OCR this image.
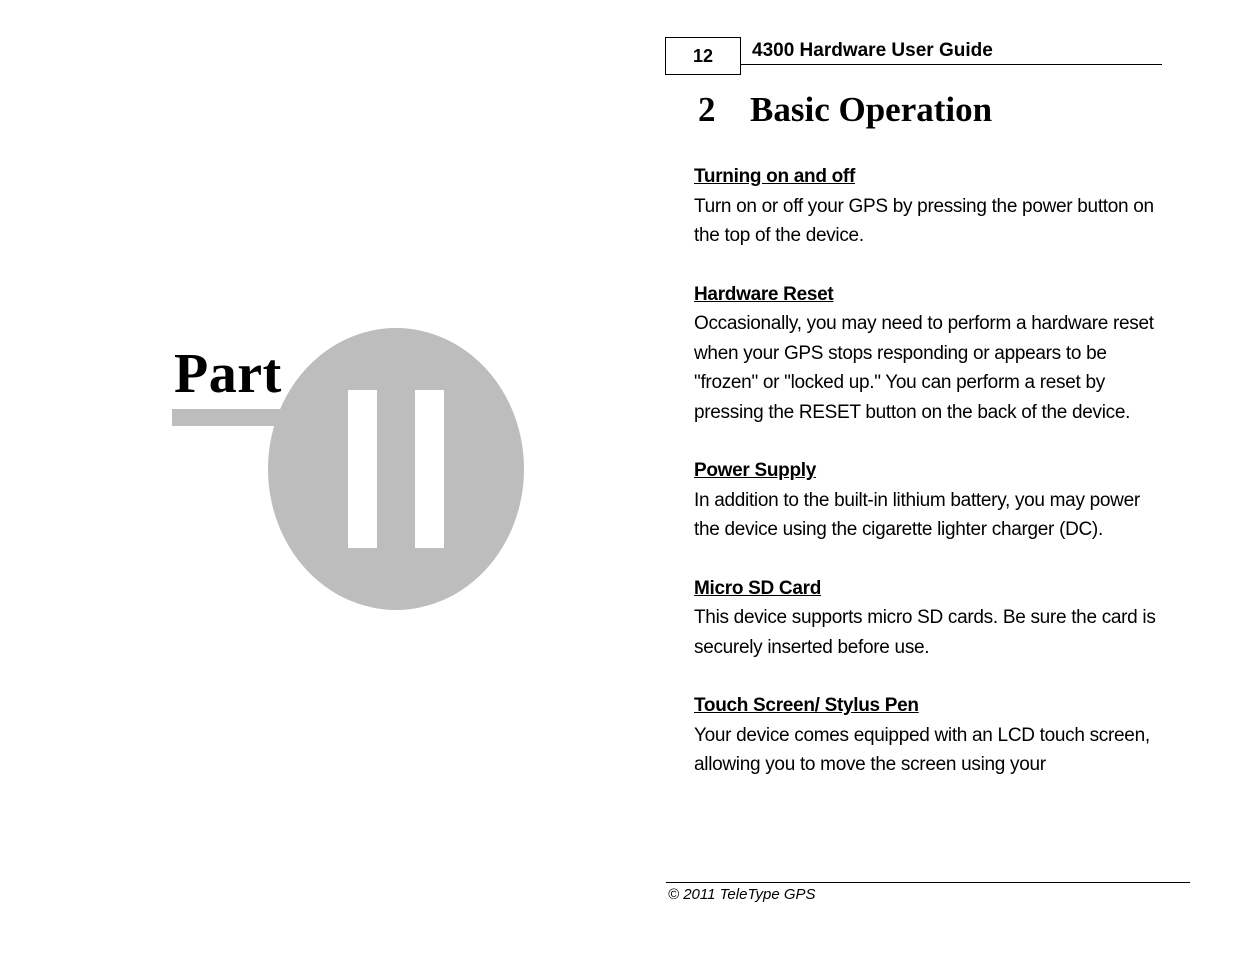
Part
12	4300 Hardware User Guide
2 Basic Operation
Turning on and off

Turn on or off your GPS by pressing the power button on the top of the device.

Hardware Reset

Occasionally, you may need to perform a hardware reset when your GPS stops responding or appears to be "frozen" or "locked up." You can perform a reset by pressing the RESET button on the back of the device.

Power Supply

In addition to the built-in lithium battery, you may power the device using the cigarette lighter charger (DC).

Micro SD Card

This device supports micro SD cards. Be sure the card is securely inserted before use.

Touch Screen/ Stylus Pen

Your device comes equipped with an LCD touch screen, allowing you to move the screen using your

© 2011 TeleType GPS
